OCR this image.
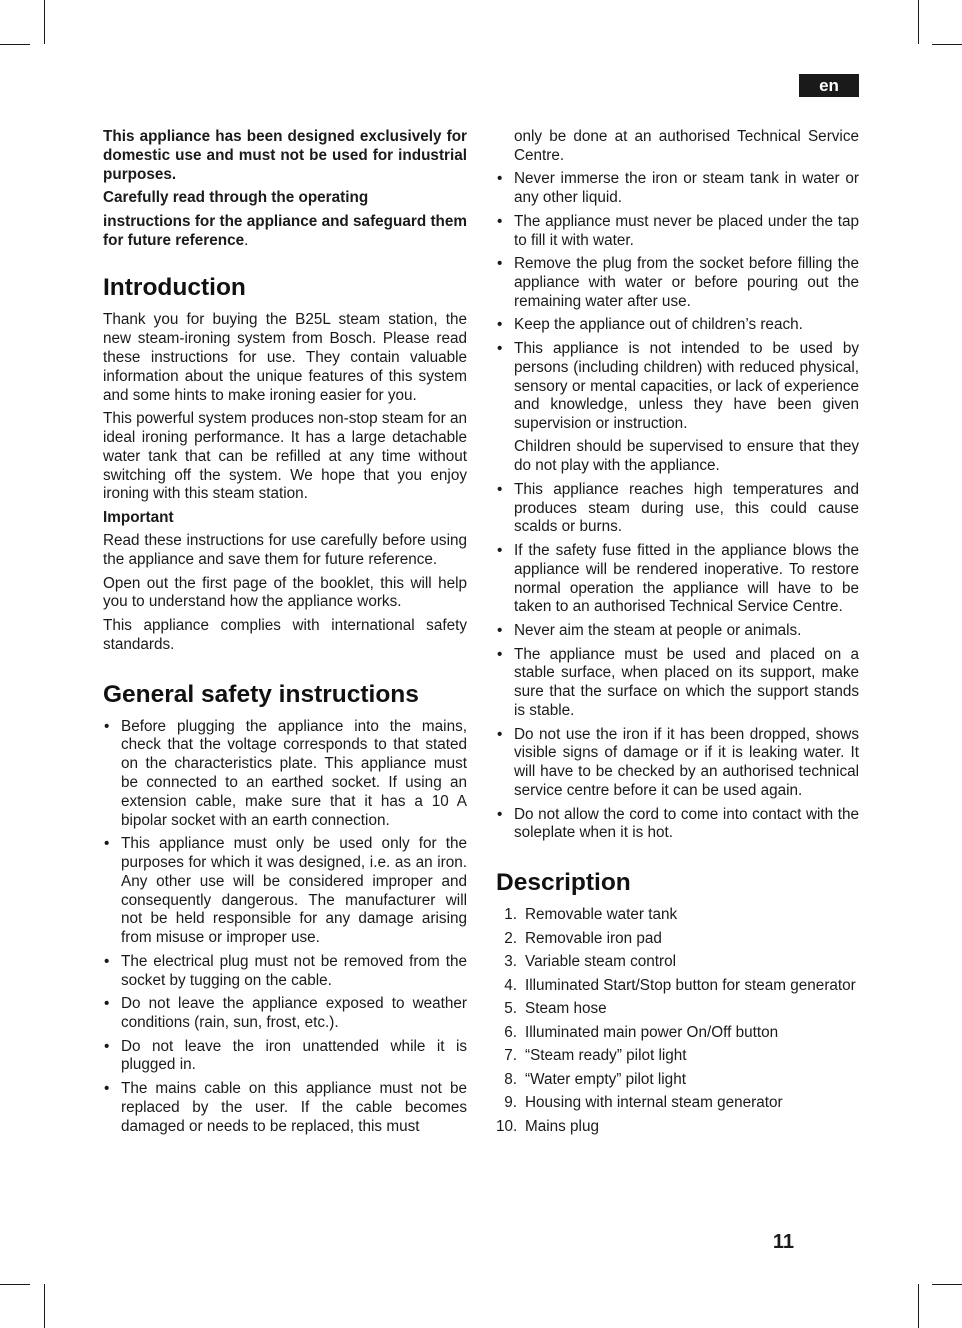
en

This appliance has been designed exclusively for domestic use and must not be used for industrial purposes.

Carefully read through the operating

instructions for the appliance and safeguard them for future reference.

Introduction

Thank you for buying the B25L steam station, the new steam-ironing system from Bosch. Please read these instructions for use. They contain valuable information about the unique features of this system and some hints to make ironing easier for you.

This powerful system produces non-stop steam for an ideal ironing performance. It has a large detachable water tank that can be refilled at any time without switching off the system. We hope that you enjoy ironing with this steam station.

Important

Read these instructions for use carefully before using the appliance and save them for future reference.

Open out the first page of the booklet, this will help you to understand how the appliance works.

This appliance complies with international safety standards.

General safety instructions
• Before plugging the appliance into the mains, check that the voltage corresponds to that stated on the characteristics plate. This appliance must be connected to an earthed socket. If using an extension cable, make sure that it has a 10 A bipolar socket with an earth connection.
• This appliance must only be used only for the purposes for which it was designed, i.e. as an iron. Any other use will be considered improper and consequently dangerous. The manufacturer will not be held responsible for any damage arising from misuse or improper use.
• The electrical plug must not be removed from the socket by tugging on the cable.
• Do not leave the appliance exposed to weather conditions (rain, sun, frost, etc.).
• Do not leave the iron unattended while it is plugged in.
• The mains cable on this appliance must not be replaced by the user. If the cable becomes damaged or needs to be replaced, this must
only be done at an authorised Technical Service Centre.
• Never immerse the iron or steam tank in water or any other liquid.
• The appliance must never be placed under the tap to fill it with water.
• Remove the plug from the socket before filling the appliance with water or before pouring out the remaining water after use.
• Keep the appliance out of children’s reach.
• This appliance is not intended to be used by persons (including children) with reduced physical, sensory or mental capacities, or lack of experience and knowledge, unless they have been given supervision or instruction.
Children should be supervised to ensure that they do not play with the appliance.
• This appliance reaches high temperatures and produces steam during use, this could cause scalds or burns.
• If the safety fuse fitted in the appliance blows the appliance will be rendered inoperative. To restore normal operation the appliance will have to be taken to an authorised Technical Service Centre.
• Never aim the steam at people or animals.
• The appliance must be used and placed on a stable surface, when placed on its support, make sure that the surface on which the support stands is stable.
• Do not use the iron if it has been dropped, shows visible signs of damage or if it is leaking water. It will have to be checked by an authorised technical service centre before it can be used again.
• Do not allow the cord to come into contact with the soleplate when it is hot.
Description
1. Removable water tank
2. Removable iron pad
3. Variable steam control
4. Illuminated Start/Stop button for steam generator
5. Steam hose
6. Illuminated main power On/Off button
7. “Steam ready” pilot light
8. “Water empty” pilot light
9. Housing with internal steam generator
10. Mains plug
11
